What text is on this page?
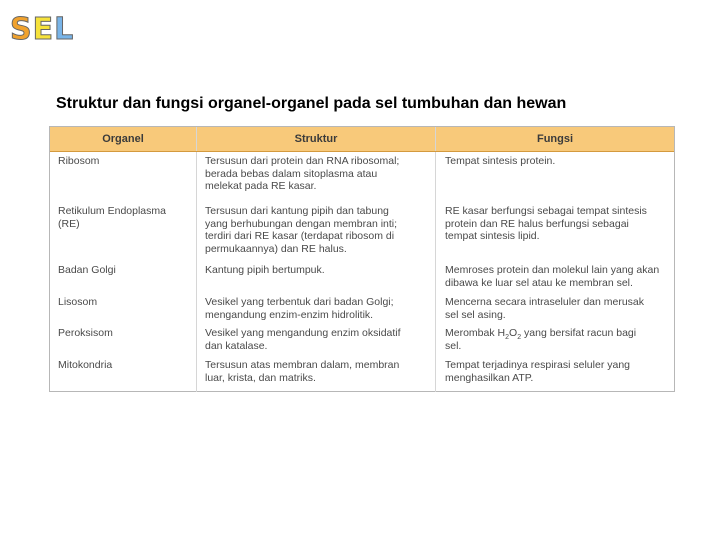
SEL
Struktur dan fungsi organel-organel pada sel tumbuhan dan hewan
Organel	Struktur	Fungsi
Ribosom
Retikulum Endoplasma
(RE)
Badan Golgi
Lisosom
Peroksisom
Mitokondria
Tersusun dari protein dan RNA ribosomal;
berada bebas dalam sitoplasma atau
melekat pada RE kasar.
Tersusun dari kantung pipih dan tabung
yang berhubungan dengan membran inti;
terdiri dari RE kasar (terdapat ribosom di
permukaannya) dan RE halus.
Kantung pipih bertumpuk.
Vesikel yang terbentuk dari badan Golgi;
mengandung enzim-enzim hidrolitik.
Vesikel yang mengandung enzim oksidatif
dan katalase.
Tersusun atas membran dalam, membran
luar, krista, dan matriks.
Tempat sintesis protein.
RE kasar berfungsi sebagai tempat sintesis
protein dan RE halus berfungsi sebagai
tempat sintesis lipid.
Memroses protein dan molekul lain yang akan
dibawa ke luar sel atau ke membran sel.
Mencerna secara intraseluler dan merusak
sel sel asing.
Merombak $H_2O_2$ yang bersifat racun bagi
sel.
Tempat terjadinya respirasi seluler yang
menghasilkan ATP.
